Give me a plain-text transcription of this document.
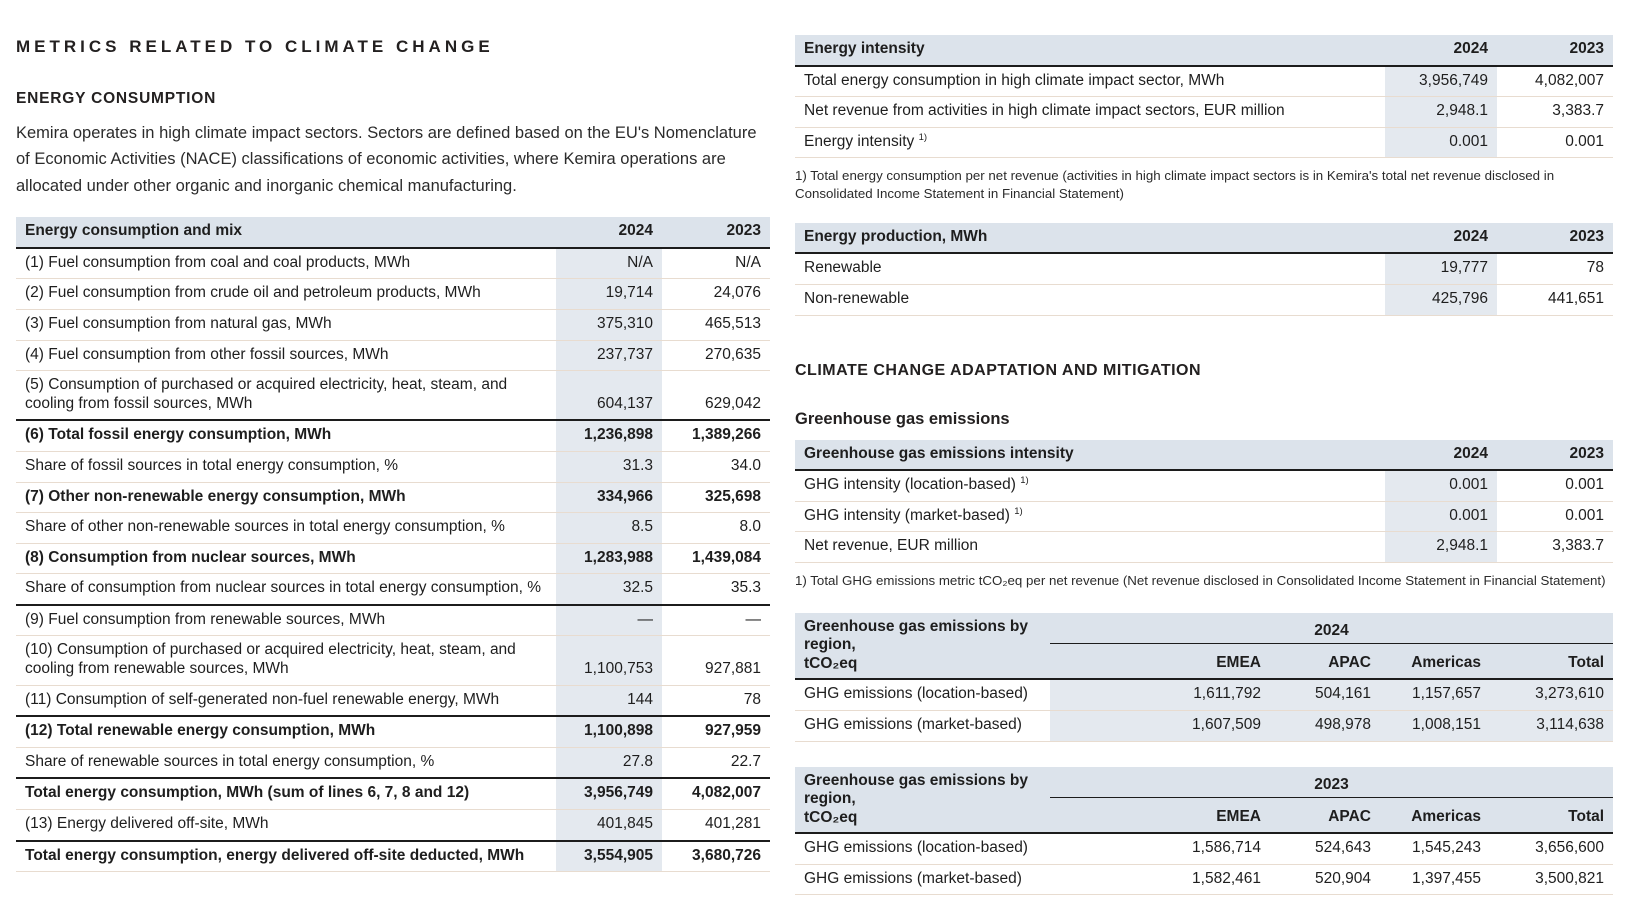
METRICS RELATED TO CLIMATE CHANGE
ENERGY CONSUMPTION

Kemira operates in high climate impact sectors. Sectors are defined based on the EU's Nomenclature of Economic Activities (NACE) classifications of economic activities, where Kemira operations are allocated under other organic and inorganic chemical manufacturing.

Energy consumption and mix	2024	2023
(1) Fuel consumption from coal and coal products, MWh	N/A	N/A
(2) Fuel consumption from crude oil and petroleum products, MWh	19,714	24,076
(3) Fuel consumption from natural gas, MWh	375,310	465,513
(4) Fuel consumption from other fossil sources, MWh	237,737	270,635
(5) Consumption of purchased or acquired electricity, heat, steam, and cooling from fossil sources, MWh	604,137	629,042
(6) Total fossil energy consumption, MWh	1,236,898	1,389,266
Share of fossil sources in total energy consumption, %	31.3	34.0
(7) Other non-renewable energy consumption, MWh	334,966	325,698
Share of other non-renewable sources in total energy consumption, %	8.5	8.0
(8) Consumption from nuclear sources, MWh	1,283,988	1,439,084
Share of consumption from nuclear sources in total energy consumption, %	32.5	35.3
(9) Fuel consumption from renewable sources, MWh	—	—
(10) Consumption of purchased or acquired electricity, heat, steam, and cooling from renewable sources, MWh	1,100,753	927,881
(11) Consumption of self-generated non-fuel renewable energy, MWh	144	78
(12) Total renewable energy consumption, MWh	1,100,898	927,959
Share of renewable sources in total energy consumption, %	27.8	22.7
Total energy consumption, MWh (sum of lines 6, 7, 8 and 12)	3,956,749	4,082,007
(13) Energy delivered off-site, MWh	401,845	401,281
Total energy consumption, energy delivered off-site deducted, MWh	3,554,905	3,680,726
Energy intensity	2024	2023
Total energy consumption in high climate impact sector, MWh	3,956,749	4,082,007
Net revenue from activities in high climate impact sectors, EUR million	2,948.1	3,383.7
Energy intensity $^{1)}$	0.001	0.001

1) Total energy consumption per net revenue (activities in high climate impact sectors is in Kemira's total net revenue disclosed in Consolidated Income Statement in Financial Statement)

Energy production, MWh	2024	2023
Renewable	19,777	78
Non-renewable	425,796	441,651
CLIMATE CHANGE ADAPTATION AND MITIGATION
Greenhouse gas emissions
Greenhouse gas emissions intensity	2024	2023
GHG intensity (location-based) $^{1)}$	0.001	0.001
GHG intensity (market-based) $^{1)}$	0.001	0.001
Net revenue, EUR million	2,948.1	3,383.7

1) Total GHG emissions metric tCO₂eq per net revenue (Net revenue disclosed in Consolidated Income Statement in Financial Statement)

Greenhouse gas emissions by region,
tCO₂eq	2024			
	EMEA	APAC	Americas	Total
GHG emissions (location-based)	1,611,792	504,161	1,157,657	3,273,610
GHG emissions (market-based)	1,607,509	498,978	1,008,151	3,114,638
Greenhouse gas emissions by region,
tCO₂eq	2023			
	EMEA	APAC	Americas	Total
GHG emissions (location-based)	1,586,714	524,643	1,545,243	3,656,600
GHG emissions (market-based)	1,582,461	520,904	1,397,455	3,500,821
